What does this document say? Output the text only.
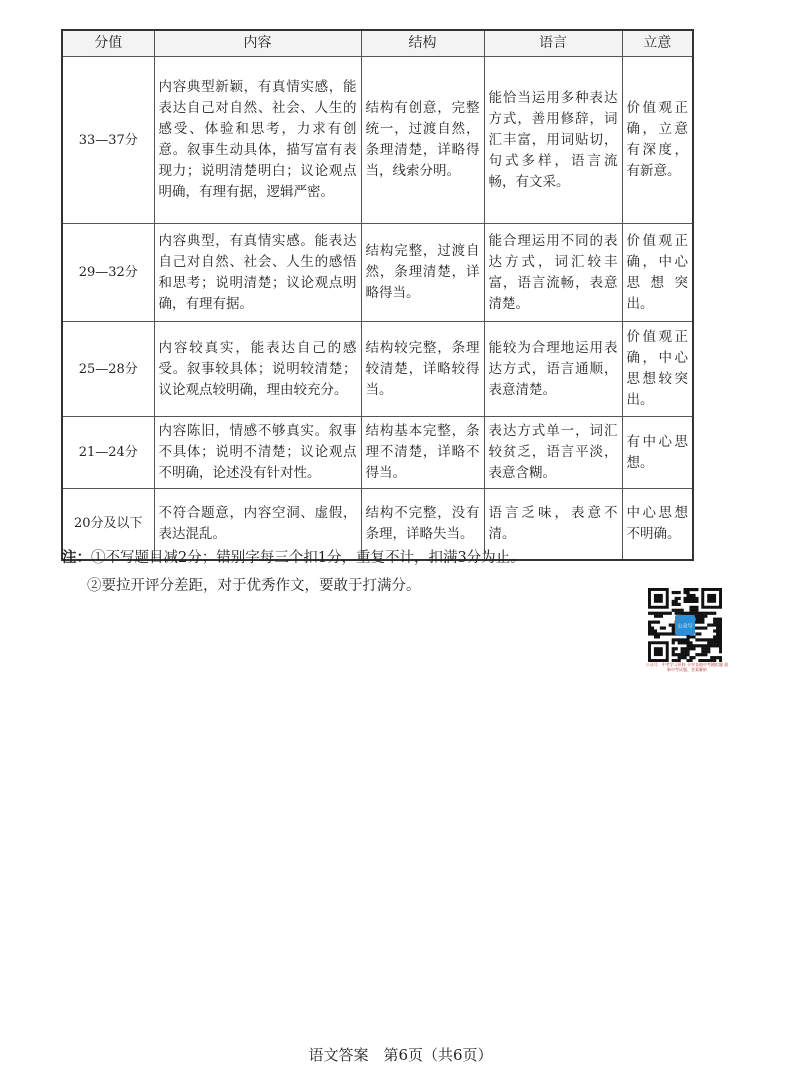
分值	内容	结构	语言	立意
33—37分	内容典型新颖，有真情实感，能表达自己对自然、社会、人生的感受、体验和思考，力求有创意。叙事生动具体，描写富有表现力；说明清楚明白；议论观点明确，有理有据，逻辑严密。	结构有创意，完整统一，过渡自然，条理清楚，详略得当，线索分明。	能恰当运用多种表达方式，善用修辞，词汇丰富，用词贴切，句式多样，语言流畅，有文采。	价值观正确，立意有深度，有新意。
29—32分	内容典型，有真情实感。能表达自己对自然、社会、人生的感悟和思考；说明清楚；议论观点明确，有理有据。	结构完整，过渡自然，条理清楚，详略得当。	能合理运用不同的表达方式，词汇较丰富，语言流畅，表意清楚。	价值观正确，中心思想突出。
25—28分	内容较真实，能表达自己的感受。叙事较具体；说明较清楚；议论观点较明确，理由较充分。	结构较完整，条理较清楚，详略较得当。	能较为合理地运用表达方式，语言通顺，表意清楚。	价值观正确，中心思想较突出。
21—24分	内容陈旧，情感不够真实。叙事不具体；说明不清楚；议论观点不明确，论述没有针对性。	结构基本完整，条理不清楚，详略不得当。	表达方式单一，词汇较贫乏，语言平淡，表意含糊。	有中心思想。
20分及以下	不符合题意，内容空洞、虚假，表达混乱。	结构不完整，没有条理，详略失当。	语言乏味，表意不清。	中心思想不明确。
注：①不写题目减2分；错别字每三个扣1分，重复不计，扣满3分为止。
②要拉开评分差距，对于优秀作文，要敢于打满分。
公众号
公众号：中考学习资料 分享各地中考模拟题 最新中考试题、答案解析
语文答案　第6页（共6页）
